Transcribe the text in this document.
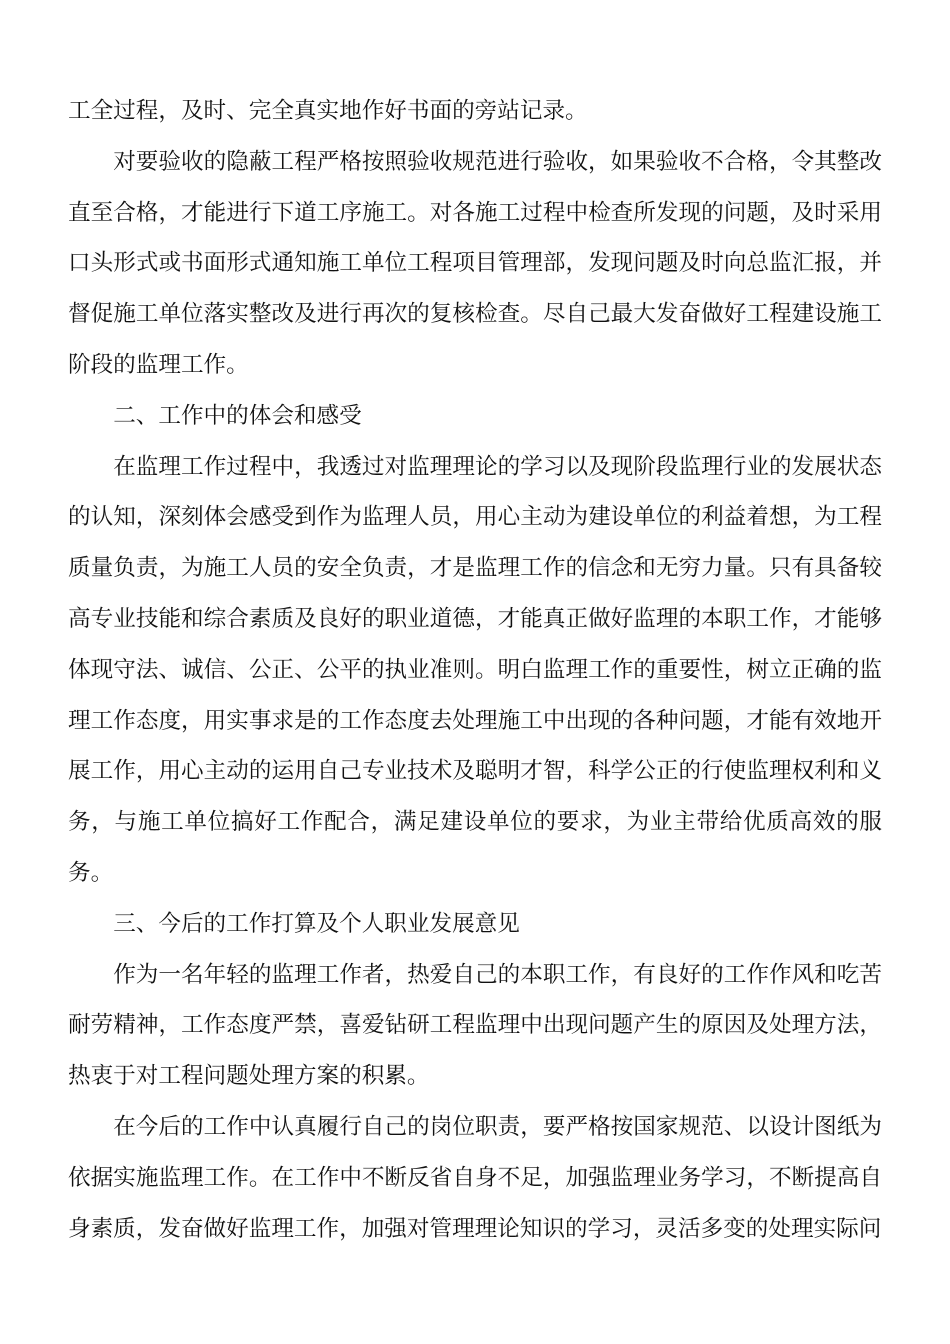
工全过程，及时、完全真实地作好书面的旁站记录。

对要验收的隐蔽工程严格按照验收规范进行验收，如果验收不合格，令其整改直至合格，才能进行下道工序施工。对各施工过程中检查所发现的问题，及时采用口头形式或书面形式通知施工单位工程项目管理部，发现问题及时向总监汇报，并督促施工单位落实整改及进行再次的复核检查。尽自己最大发奋做好工程建设施工阶段的监理工作。

二、工作中的体会和感受

在监理工作过程中，我透过对监理理论的学习以及现阶段监理行业的发展状态的认知，深刻体会感受到作为监理人员，用心主动为建设单位的利益着想，为工程质量负责，为施工人员的安全负责，才是监理工作的信念和无穷力量。只有具备较高专业技能和综合素质及良好的职业道德，才能真正做好监理的本职工作，才能够体现守法、诚信、公正、公平的执业准则。明白监理工作的重要性，树立正确的监理工作态度，用实事求是的工作态度去处理施工中出现的各种问题，才能有效地开展工作，用心主动的运用自己专业技术及聪明才智，科学公正的行使监理权利和义务，与施工单位搞好工作配合，满足建设单位的要求，为业主带给优质高效的服务。

三、今后的工作打算及个人职业发展意见

作为一名年轻的监理工作者，热爱自己的本职工作，有良好的工作作风和吃苦耐劳精神，工作态度严禁，喜爱钻研工程监理中出现问题产生的原因及处理方法，热衷于对工程问题处理方案的积累。

在今后的工作中认真履行自己的岗位职责，要严格按国家规范、以设计图纸为依据实施监理工作。在工作中不断反省自身不足，加强监理业务学习，不断提高自身素质，发奋做好监理工作，加强对管理理论知识的学习，灵活多变的处理实际问
